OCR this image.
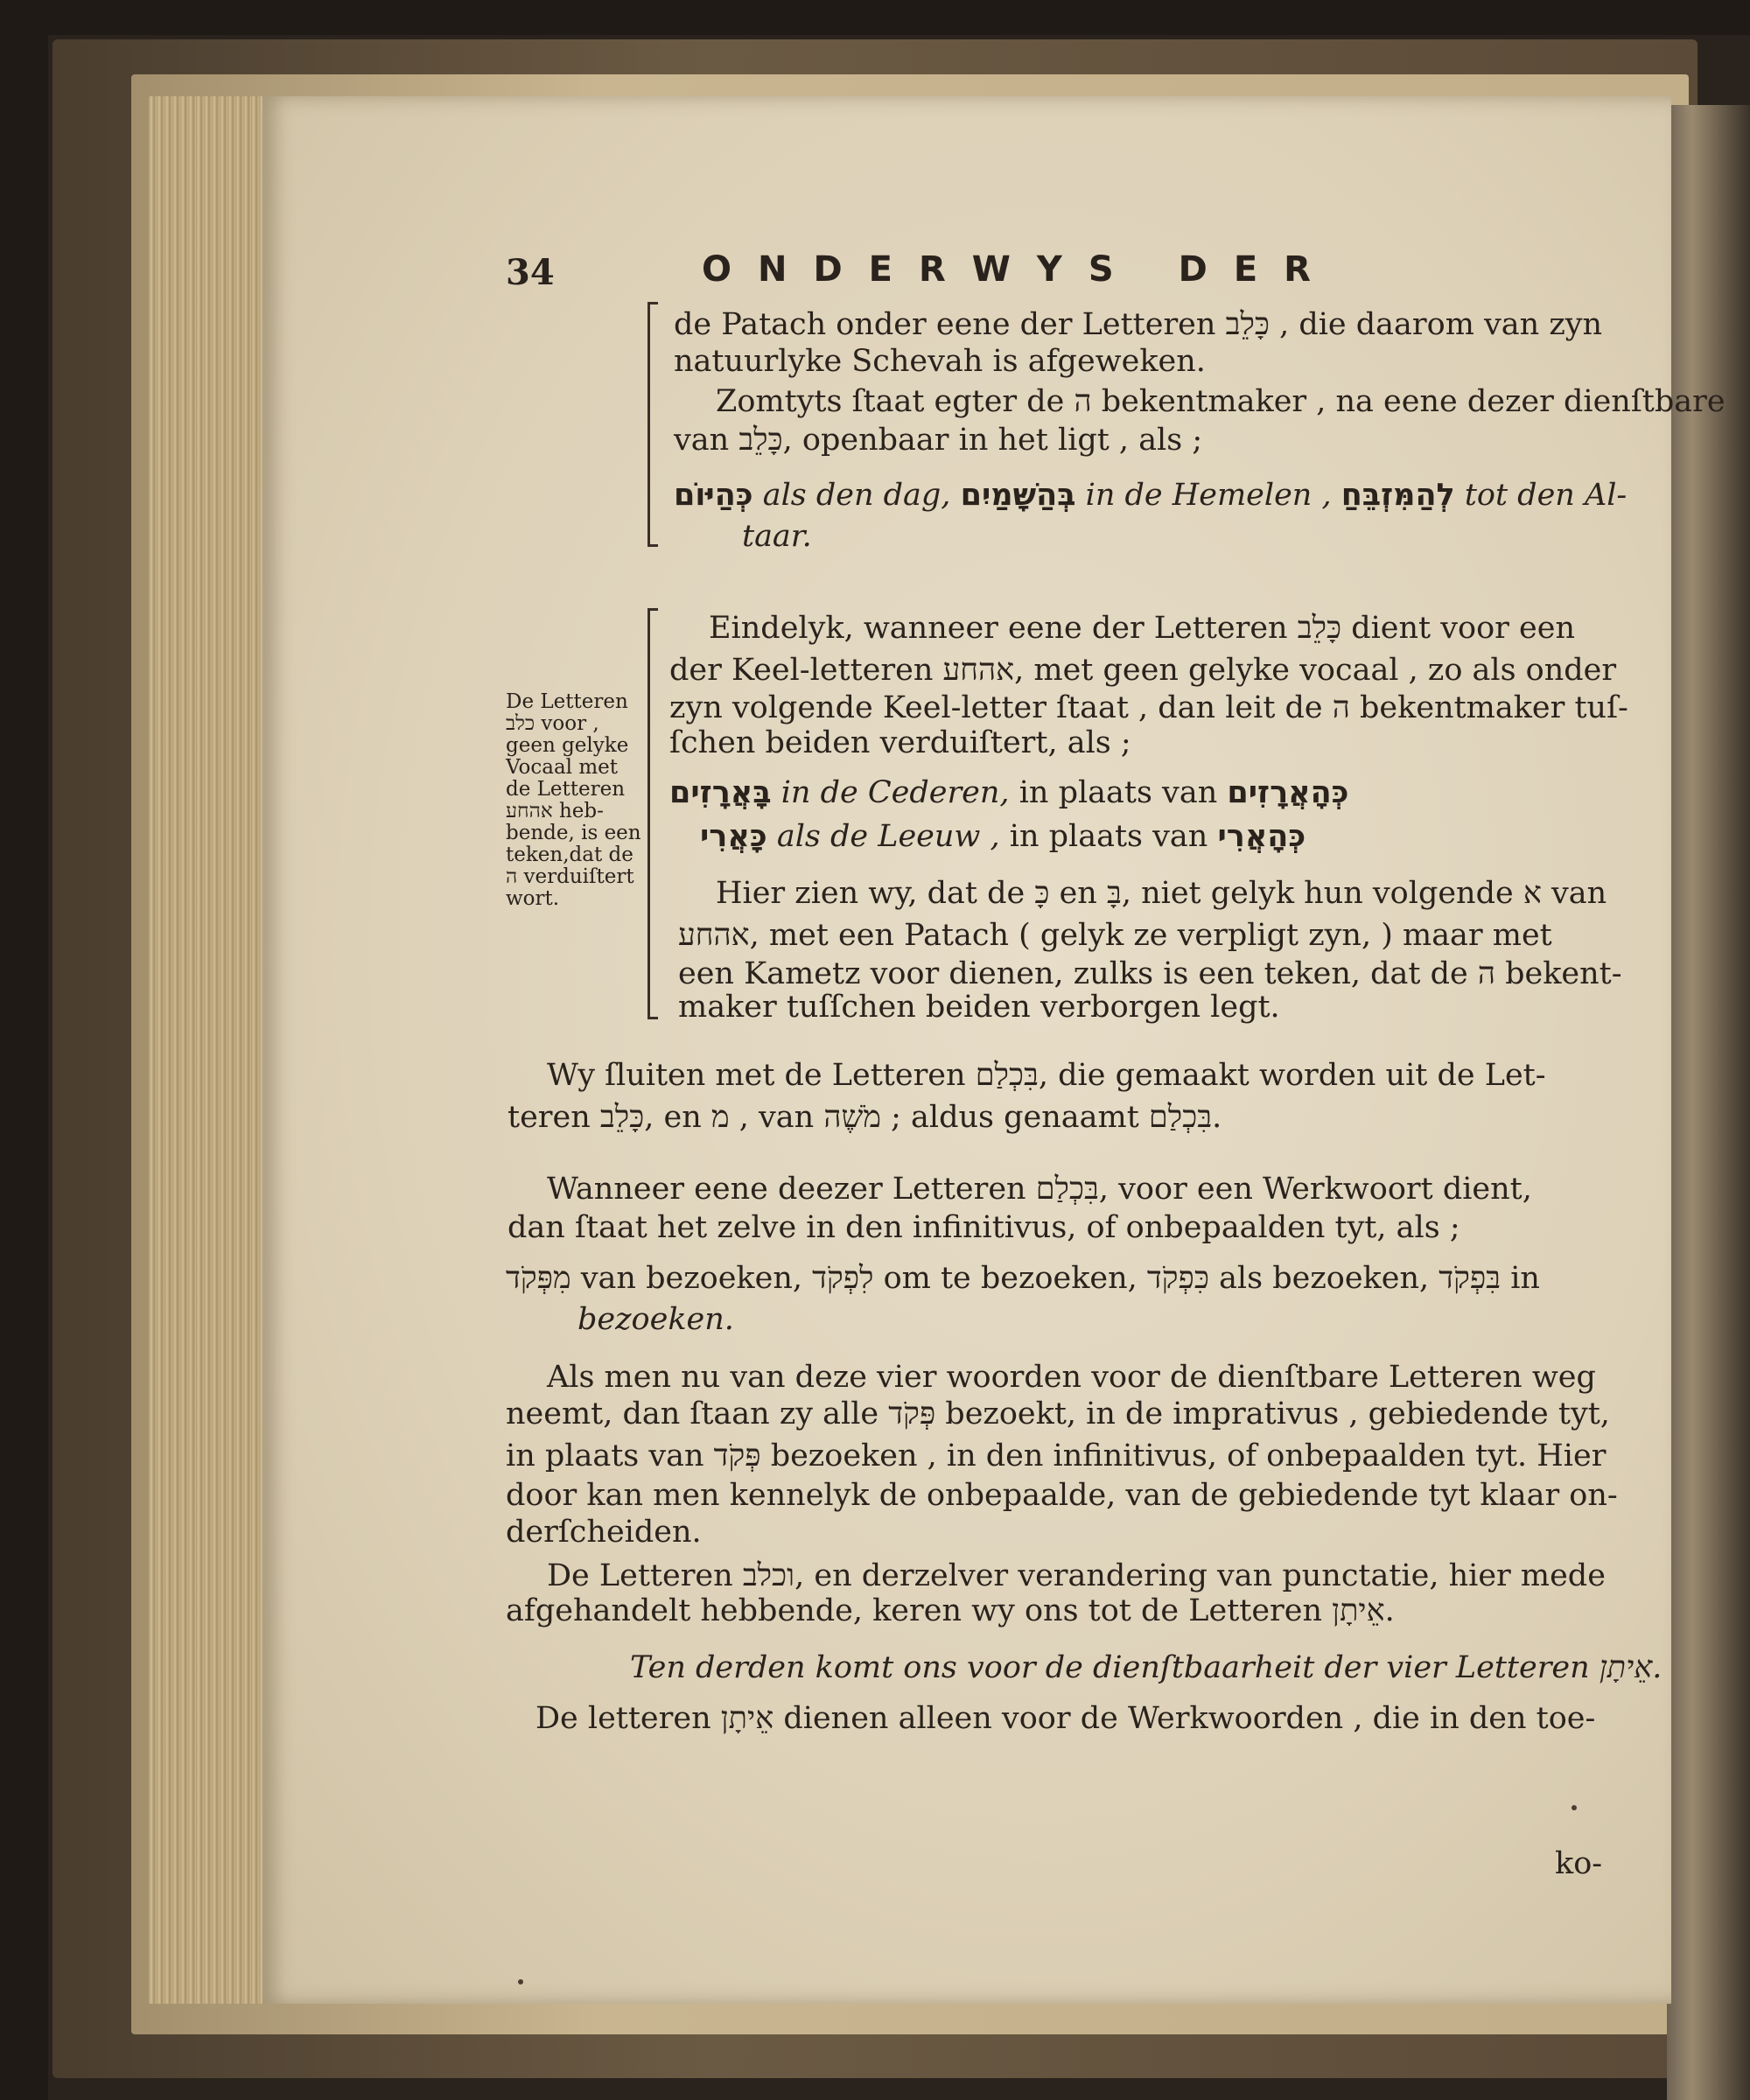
34	ONDERWYS DER
de Patach onder eene der Letteren כָּלֵב , die daarom van zyn
natuurlyke Schevah is afgeweken.
Zomtyts ſtaat egter de ה bekentmaker , na eene dezer dienſtbare
van כָּלֵב, openbaar in het ligt , als ;
כְּהַיּוֹם als den dag, בְּהַשָּׁמַיִם in de Hemelen , לְהַמִּזְבֵּחַ tot den Al-
taar.
De Letteren
כלב voor ,
geen gelyke
Vocaal met
de Letteren
אהחע heb-
bende, is een
teken,dat de
ה verduiſtert
wort.
Eindelyk, wanneer eene der Letteren כָּלֵב dient voor een
der Keel-letteren אהחע, met geen gelyke vocaal , zo als onder
zyn volgende Keel-letter ſtaat , dan leit de ה bekentmaker tuſ-
ſchen beiden verduiſtert, als ;
בָּאֲרָזִים in de Cederen, in plaats van כְּהָאֲרָזִים
כָּאֲרִי als de Leeuw , in plaats van כְּהָאֲרִי
Hier zien wy, dat de כָּ en בָּ, niet gelyk hun volgende א van
אהחע, met een Patach ( gelyk ze verpligt zyn, ) maar met
een Kametz voor dienen, zulks is een teken, dat de ה bekent-
maker tuſſchen beiden verborgen legt.
Wy ſluiten met de Letteren בִּכְלַם, die gemaakt worden uit de Let-
teren כָּלֵב, en מ , van מֹשֶׁה ; aldus genaamt בִּכְלַם.
Wanneer eene deezer Letteren בִּכְלַם, voor een Werkwoort dient,
dan ſtaat het zelve in den infinitivus, of onbepaalden tyt, als ;
מִפְּקֹד van bezoeken, לִפְקֹד om te bezoeken, כִּפְקֹד als bezoeken, בִּפְקֹד in
bezoeken.
Als men nu van deze vier woorden voor de dienſtbare Letteren weg
neemt, dan ſtaan zy alle פְּקֹד bezoekt, in de imprativus , gebiedende tyt,
in plaats van פְּקֹד bezoeken , in den infinitivus, of onbepaalden tyt. Hier
door kan men kennelyk de onbepaalde, van de gebiedende tyt klaar on-
derſcheiden.
De Letteren וכלב, en derzelver verandering van punctatie, hier mede
afgehandelt hebbende, keren wy ons tot de Letteren אֵיתָן.
Ten derden komt ons voor de dienſtbaarheit der vier Letteren אֵיתָן.
De letteren אֵיתָן dienen alleen voor de Werkwoorden , die in den toe-
ko-
